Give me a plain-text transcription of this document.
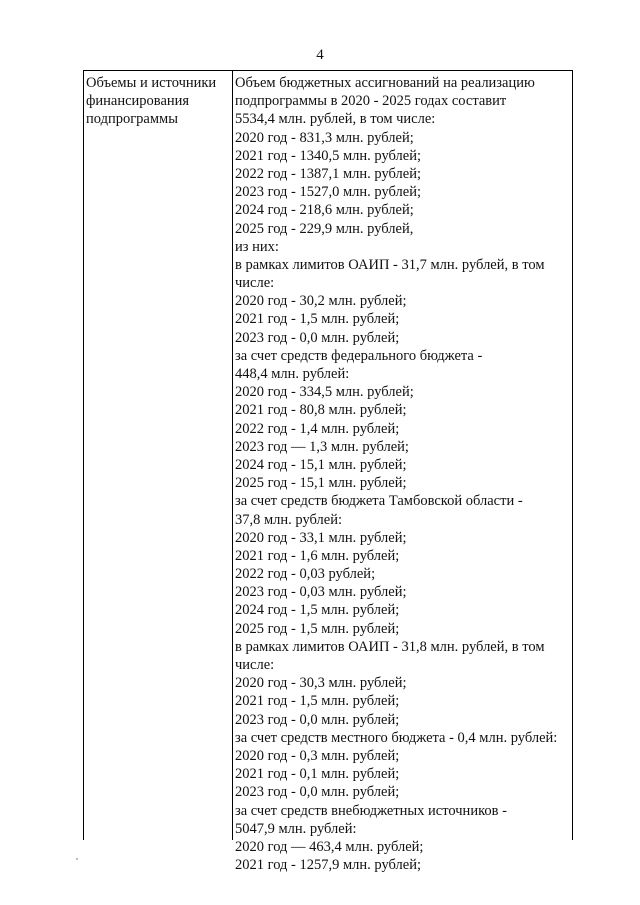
4
Объемы и источники
финансирования
подпрограммы
Объем бюджетных ассигнований на реализацию
подпрограммы в 2020 - 2025 годах составит
5534,4 млн. рублей, в том числе:
2020 год - 831,3 млн. рублей;
2021 год - 1340,5 млн. рублей;
2022 год - 1387,1 млн. рублей;
2023 год - 1527,0 млн. рублей;
2024 год - 218,6 млн. рублей;
2025 год - 229,9 млн. рублей,
из них:
в рамках лимитов ОАИП - 31,7 млн. рублей, в том
числе:
2020 год - 30,2 млн. рублей;
2021 год - 1,5 млн. рублей;
2023 год - 0,0 млн. рублей;
за счет средств федерального бюджета -
448,4 млн. рублей:
2020 год - 334,5 млн. рублей;
2021 год - 80,8 млн. рублей;
2022 год - 1,4 млн. рублей;
2023 год — 1,3 млн. рублей;
2024 год - 15,1 млн. рублей;
2025 год - 15,1 млн. рублей;
за счет средств бюджета Тамбовской области -
37,8 млн. рублей:
2020 год - 33,1 млн. рублей;
2021 год - 1,6 млн. рублей;
2022 год - 0,03 рублей;
2023 год - 0,03 млн. рублей;
2024 год - 1,5 млн. рублей;
2025 год - 1,5 млн. рублей;
в рамках лимитов ОАИП - 31,8 млн. рублей, в том
числе:
2020 год - 30,3 млн. рублей;
2021 год - 1,5 млн. рублей;
2023 год - 0,0 млн. рублей;
за счет средств местного бюджета - 0,4 млн. рублей:
2020 год - 0,3 млн. рублей;
2021 год - 0,1 млн. рублей;
2023 год - 0,0 млн. рублей;
за счет средств внебюджетных источников -
5047,9 млн. рублей:
2020 год — 463,4 млн. рублей;
2021 год - 1257,9 млн. рублей;
